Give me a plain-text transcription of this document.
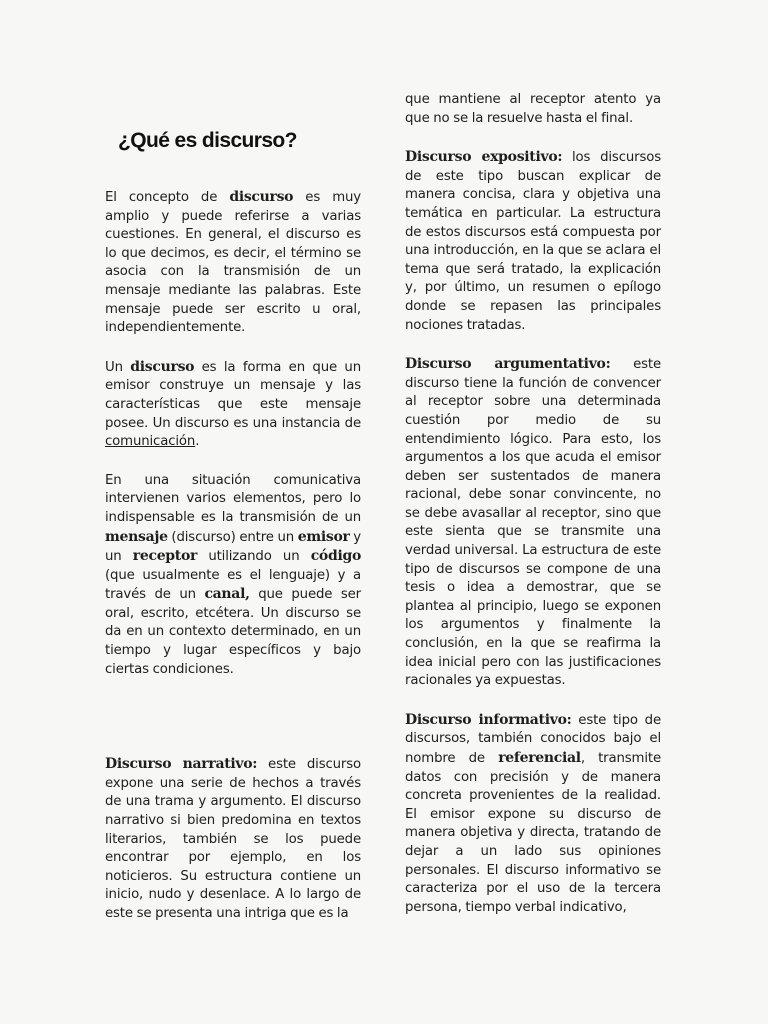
¿Qué es discurso?

El concepto de discurso es muy amplio y puede referirse a varias cuestiones. En general, el discurso es lo que decimos, es decir, el término se asocia con la transmisión de un mensaje mediante las palabras. Este mensaje puede ser escrito u oral, independientemente.

Un discurso es la forma en que un emisor construye un mensaje y las características que este mensaje posee. Un discurso es una instancia de comunicación.

En una situación comunicativa intervienen varios elementos, pero lo indispensable es la transmisión de un mensaje (discurso) entre un emisor y un receptor utilizando un código (que usualmente es el lenguaje) y a través de un canal, que puede ser oral, escrito, etcétera. Un discurso se da en un contexto determinado, en un tiempo y lugar específicos y bajo ciertas condiciones.

Discurso narrativo: este discurso expone una serie de hechos a través de una trama y argumento. El discurso narrativo si bien predomina en textos literarios, también se los puede encontrar por ejemplo, en los noticieros. Su estructura contiene un inicio, nudo y desenlace. A lo largo de este se presenta una intriga que es la

que mantiene al receptor atento ya que no se la resuelve hasta el final.

Discurso expositivo: los discursos de este tipo buscan explicar de manera concisa, clara y objetiva una temática en particular. La estructura de estos discursos está compuesta por una introducción, en la que se aclara el tema que será tratado, la explicación y, por último, un resumen o epílogo donde se repasen las principales nociones tratadas.

Discurso argumentativo: este discurso tiene la función de convencer al receptor sobre una determinada cuestión por medio de su entendimiento lógico. Para esto, los argumentos a los que acuda el emisor deben ser sustentados de manera racional, debe sonar convincente, no se debe avasallar al receptor, sino que este sienta que se transmite una verdad universal. La estructura de este tipo de discursos se compone de una tesis o idea a demostrar, que se plantea al principio, luego se exponen los argumentos y finalmente la conclusión, en la que se reafirma la idea inicial pero con las justificaciones racionales ya expuestas.

Discurso informativo: este tipo de discursos, también conocidos bajo el nombre de referencial, transmite datos con precisión y de manera concreta provenientes de la realidad. El emisor expone su discurso de manera objetiva y directa, tratando de dejar a un lado sus opiniones personales. El discurso informativo se caracteriza por el uso de la tercera persona, tiempo verbal indicativo,
